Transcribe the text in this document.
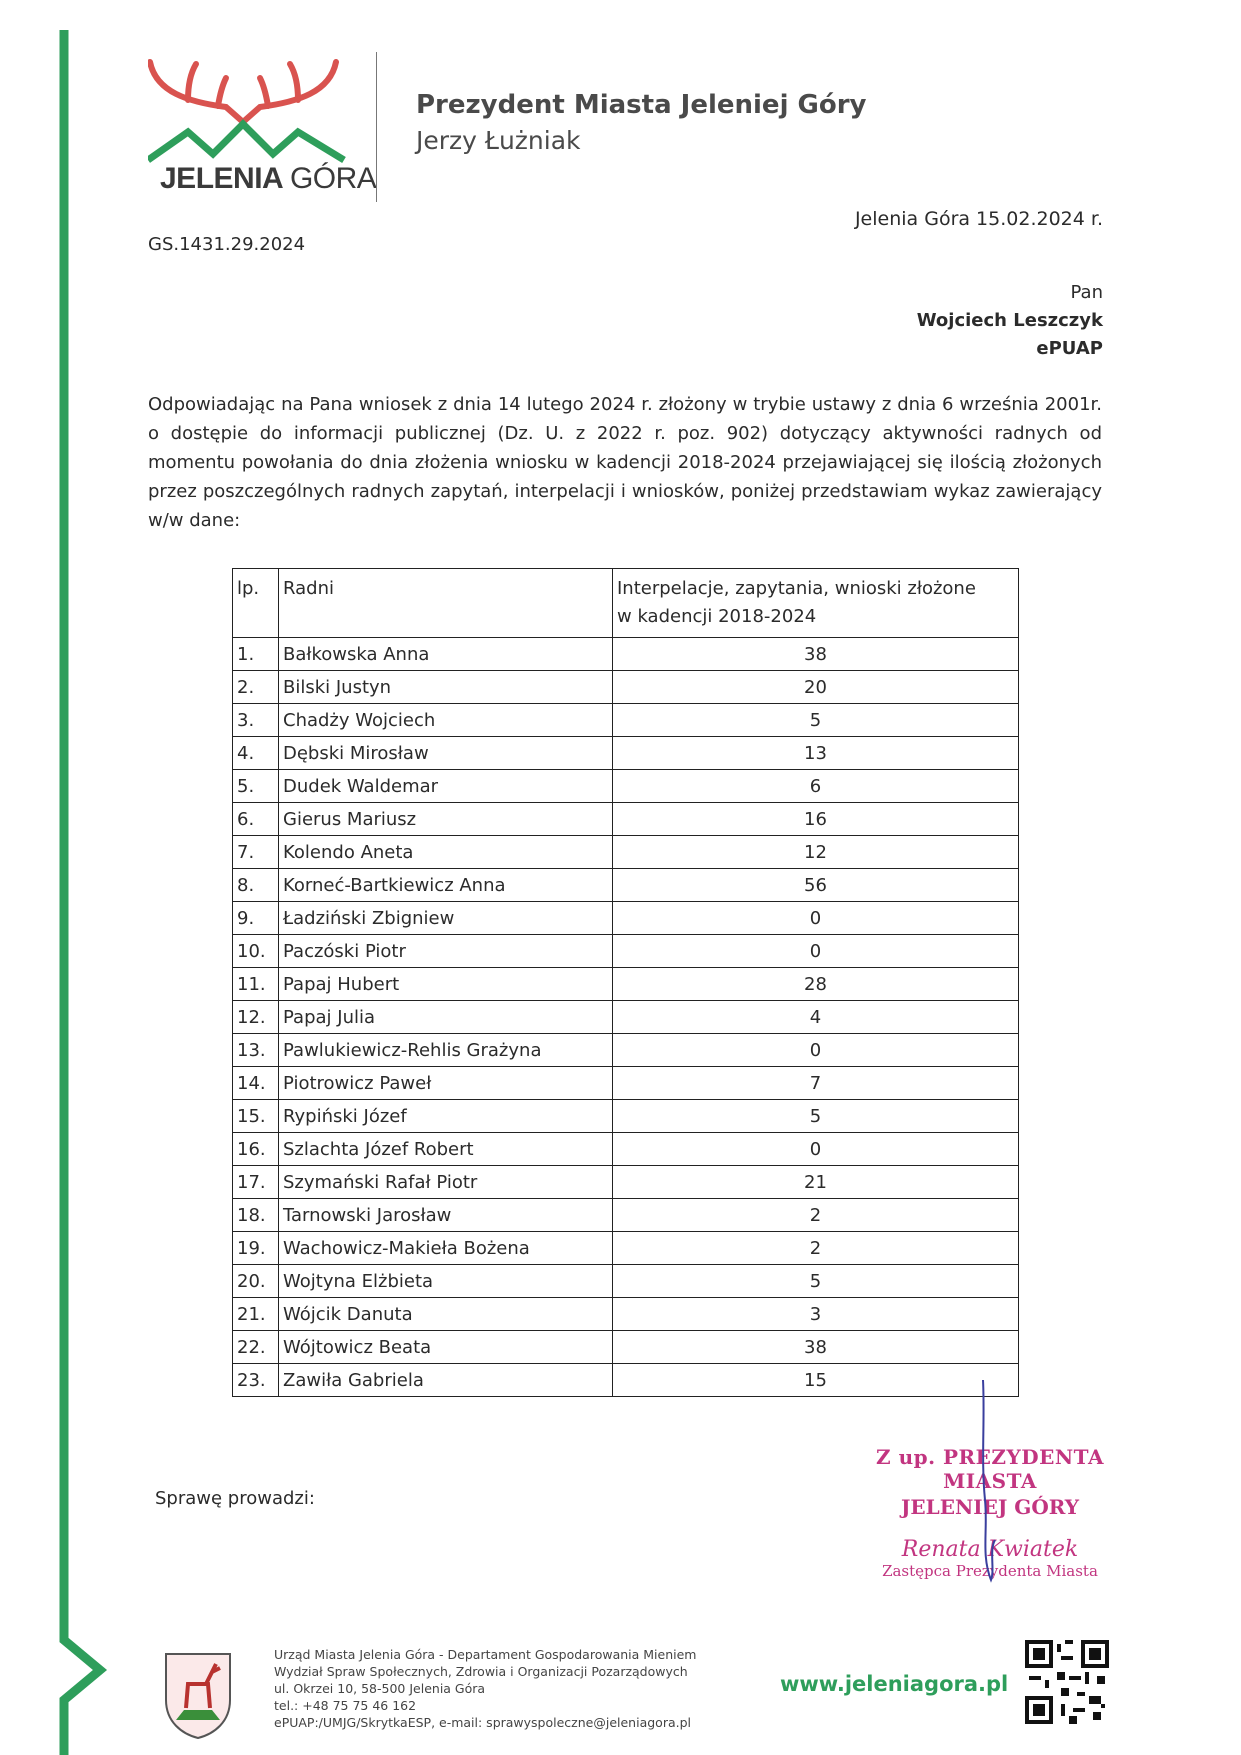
JELENIA GÓRA
Prezydent Miasta Jeleniej Góry
Jerzy Łużniak
GS.1431.29.2024
Jelenia Góra 15.02.2024 r.
Pan
Wojciech Leszczyk
ePUAP

Odpowiadając na Pana wniosek z dnia 14 lutego 2024 r. złożony w trybie ustawy z dnia 6 września 2001r. o dostępie do informacji publicznej (Dz. U. z 2022 r. poz. 902) dotyczący aktywności radnych od momentu powołania do dnia złożenia wniosku w kadencji 2018-2024 przejawiającej się ilością złożonych przez poszczególnych radnych zapytań, interpelacji i wniosków, poniżej przedstawiam wykaz zawierający w/w dane:

lp.	Radni	Interpelacje, zapytania, wnioski złożone
w kadencji 2018-2024
1.	Bałkowska Anna	38
2.	Bilski Justyn	20
3.	Chadży Wojciech	5
4.	Dębski Mirosław	13
5.	Dudek Waldemar	6
6.	Gierus Mariusz	16
7.	Kolendo Aneta	12
8.	Korneć-Bartkiewicz Anna	56
9.	Ładziński Zbigniew	0
10.	Paczóski Piotr	0
11.	Papaj Hubert	28
12.	Papaj Julia	4
13.	Pawlukiewicz-Rehlis Grażyna	0
14.	Piotrowicz Paweł	7
15.	Rypiński Józef	5
16.	Szlachta Józef Robert	0
17.	Szymański Rafał Piotr	21
18.	Tarnowski Jarosław	2
19.	Wachowicz-Makieła Bożena	2
20.	Wojtyna Elżbieta	5
21.	Wójcik Danuta	3
22.	Wójtowicz Beata	38
23.	Zawiła Gabriela	15
Sprawę prowadzi:
Z up. PREZYDENTA MIASTA
JELENIEJ GÓRY
Renata Kwiatek
Zastępca Prezydenta Miasta
Urząd Miasta Jelenia Góra - Departament Gospodarowania Mieniem
Wydział Spraw Społecznych, Zdrowia i Organizacji Pozarządowych
ul. Okrzei 10, 58-500 Jelenia Góra
tel.: +48 75 75 46 162
ePUAP:/UMJG/SkrytkaESP, e-mail: sprawyspoleczne@jeleniagora.pl
www.jeleniagora.pl
